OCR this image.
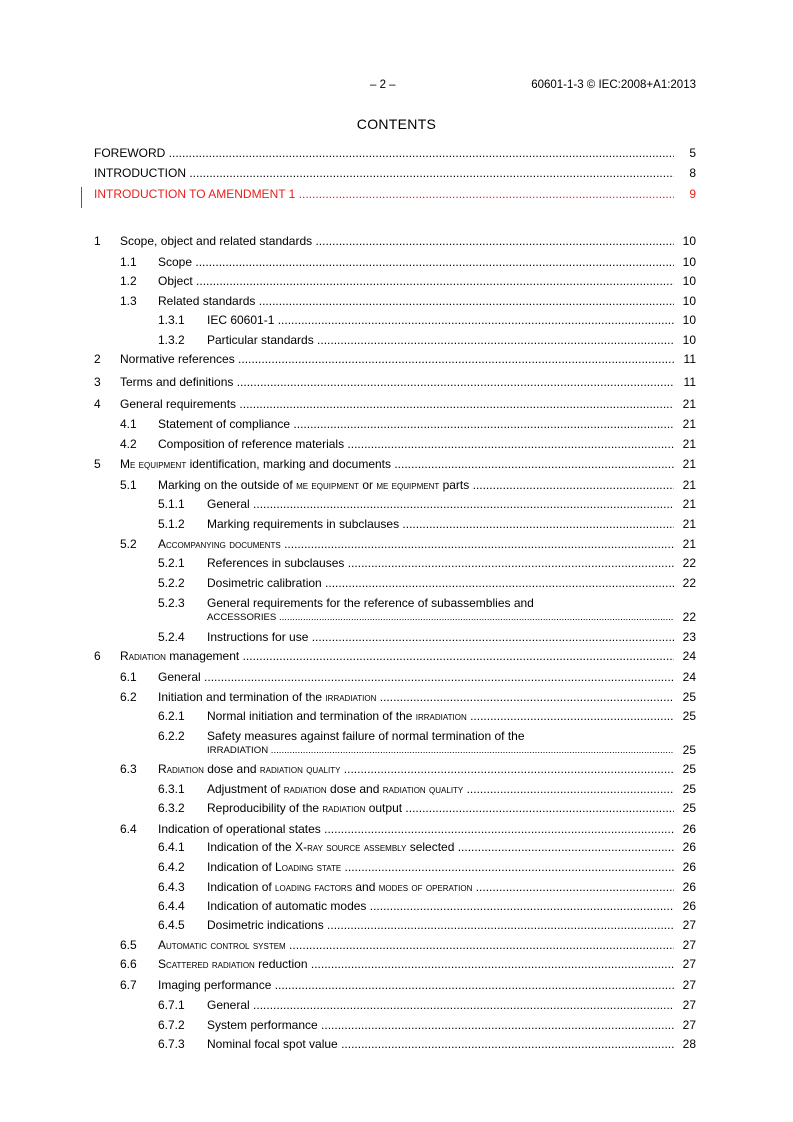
– 2 –	60601-1-3 © IEC:2008+A1:2013
CONTENTS
FOREWORD .....	5
INTRODUCTION .....	8
INTRODUCTION TO AMENDMENT 1 .....	9
1 Scope, object and related standards .....	10
1.1 Scope .....	10
1.2 Object .....	10
1.3 Related standards .....	10
1.3.1 IEC 60601-1 .....	10
1.3.2 Particular standards .....	10
2 Normative references .....	11
3 Terms and definitions .....	11
4 General requirements .....	21
4.1 Statement of compliance .....	21
4.2 Composition of reference materials .....	21
5 Me equipment identification, marking and documents .....	21
5.1 Marking on the outside of me equipment or me equipment parts .....	21
5.1.1 General .....	21
5.1.2 Marking requirements in subclauses .....	21
5.2 Accompanying documents .....	21
5.2.1 References in subclauses .....	22
5.2.2 Dosimetric calibration .....	22
5.2.3 General requirements for the reference of subassemblies and
ACCESSORIES .....	22
5.2.4 Instructions for use .....	23
6 Radiation management .....	24
6.1 General .....	24
6.2 Initiation and termination of the irradiation .....	25
6.2.1 Normal initiation and termination of the irradiation .....	25
6.2.2 Safety measures against failure of normal termination of the
IRRADIATION .....	25
6.3 Radiation dose and radiation quality .....	25
6.3.1 Adjustment of radiation dose and radiation quality .....	25
6.3.2 Reproducibility of the radiation output .....	25
6.4 Indication of operational states .....	26
6.4.1 Indication of the X-ray source assembly selected .....	26
6.4.2 Indication of Loading state .....	26
6.4.3 Indication of loading factors and modes of operation .....	26
6.4.4 Indication of automatic modes .....	26
6.4.5 Dosimetric indications .....	27
6.5 Automatic control system .....	27
6.6 Scattered radiation reduction .....	27
6.7 Imaging performance .....	27
6.7.1 General .....	27
6.7.2 System performance .....	27
6.7.3 Nominal focal spot value .....	28
